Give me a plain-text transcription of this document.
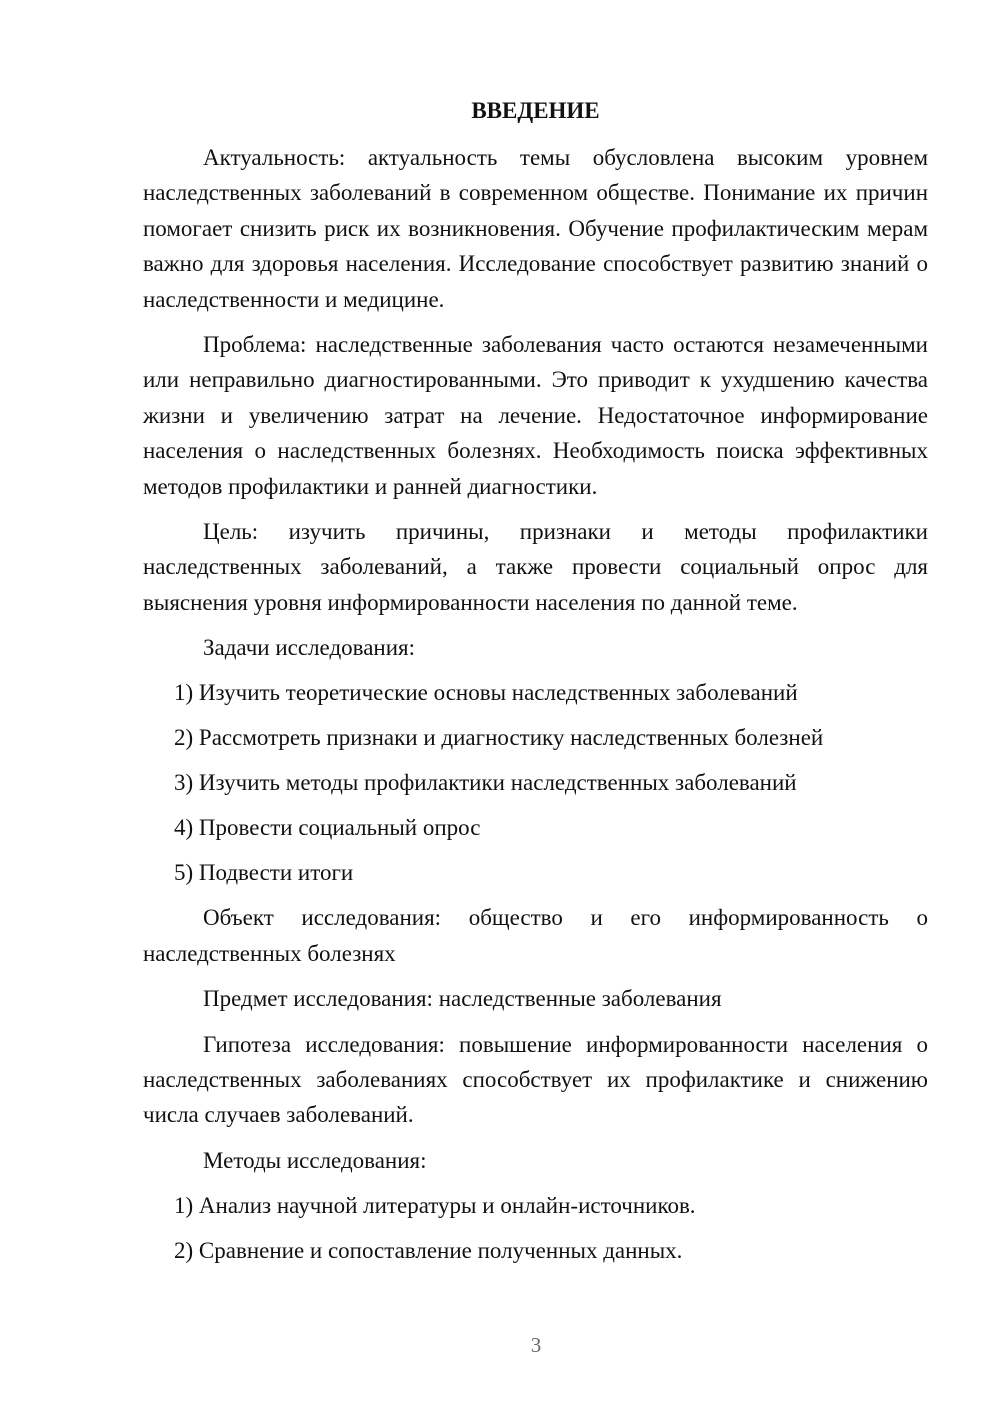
ВВЕДЕНИЕ

Актуальность: актуальность темы обусловлена высоким уровнем наследственных заболеваний в современном обществе. Понимание их причин помогает снизить риск их возникновения. Обучение профилактическим мерам важно для здоровья населения. Исследование способствует развитию знаний о наследственности и медицине.

Проблема: наследственные заболевания часто остаются незамеченными или неправильно диагностированными. Это приводит к ухудшению качества жизни и увеличению затрат на лечение. Недостаточное информирование населения о наследственных болезнях. Необходимость поиска эффективных методов профилактики и ранней диагностики.

Цель: изучить причины, признаки и методы профилактики наследственных заболеваний, а также провести социальный опрос для выяснения уровня информированности населения по данной теме.

Задачи исследования:

1) Изучить теоретические основы наследственных заболеваний
2) Рассмотреть признаки и диагностику наследственных болезней
3) Изучить методы профилактики наследственных заболеваний
4) Провести социальный опрос
5) Подвести итоги

Объект исследования: общество и его информированность о наследственных болезнях

Предмет исследования: наследственные заболевания

Гипотеза исследования: повышение информированности населения о наследственных заболеваниях способствует их профилактике и снижению числа случаев заболеваний.

Методы исследования:

1) Анализ научной литературы и онлайн-источников.
2) Сравнение и сопоставление полученных данных.
3
